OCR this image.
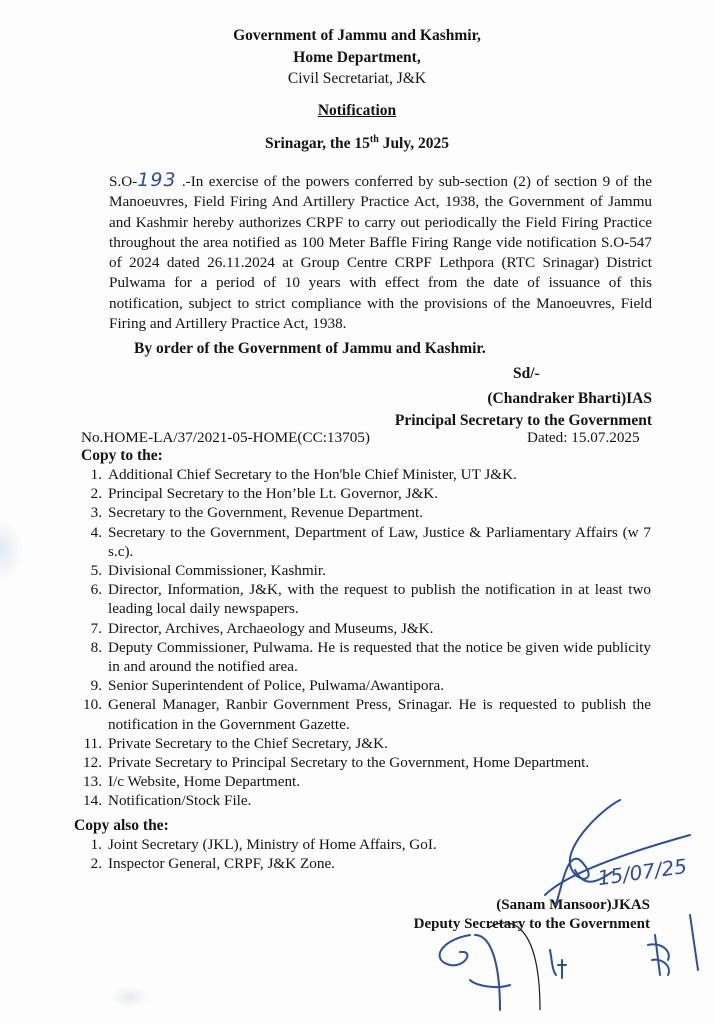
Government of Jammu and Kashmir,
Home Department,
Civil Secretariat, J&K
Notification
Srinagar, the 15th July, 2025
S.O-193 .-In exercise of the powers conferred by sub-section (2) of section 9 of the Manoeuvres, Field Firing And Artillery Practice Act, 1938, the Government of Jammu and Kashmir hereby authorizes CRPF to carry out periodically the Field Firing Practice throughout the area notified as 100 Meter Baffle Firing Range vide notification S.O-547 of 2024 dated 26.11.2024 at Group Centre CRPF Lethpora (RTC Srinagar) District Pulwama for a period of 10 years with effect from the date of issuance of this notification, subject to strict compliance with the provisions of the Manoeuvres, Field Firing and Artillery Practice Act, 1938.
By order of the Government of Jammu and Kashmir.
Sd/-
(Chandraker Bharti)IAS
Principal Secretary to the Government
No.HOME-LA/37/2021-05-HOME(CC:13705)	Dated: 15.07.2025
Copy to the:
1. Additional Chief Secretary to the Hon'ble Chief Minister, UT J&K.
2. Principal Secretary to the Hon’ble Lt. Governor, J&K.
3. Secretary to the Government, Revenue Department.
4. Secretary to the Government, Department of Law, Justice & Parliamentary Affairs (w 7 s.c).
5. Divisional Commissioner, Kashmir.
6. Director, Information, J&K, with the request to publish the notification in at least two leading local daily newspapers.
7. Director, Archives, Archaeology and Museums, J&K.
8. Deputy Commissioner, Pulwama. He is requested that the notice be given wide publicity in and around the notified area.
9. Senior Superintendent of Police, Pulwama/Awantipora.
10. General Manager, Ranbir Government Press, Srinagar. He is requested to publish the notification in the Government Gazette.
11. Private Secretary to the Chief Secretary, J&K.
12. Private Secretary to Principal Secretary to the Government, Home Department.
13. I/c Website, Home Department.
14. Notification/Stock File.
Copy also the:
1. Joint Secretary (JKL), Ministry of Home Affairs, GoI.
2. Inspector General, CRPF, J&K Zone.
(Sanam Mansoor)JKAS
Deputy Secretary to the Government
15/07/25
